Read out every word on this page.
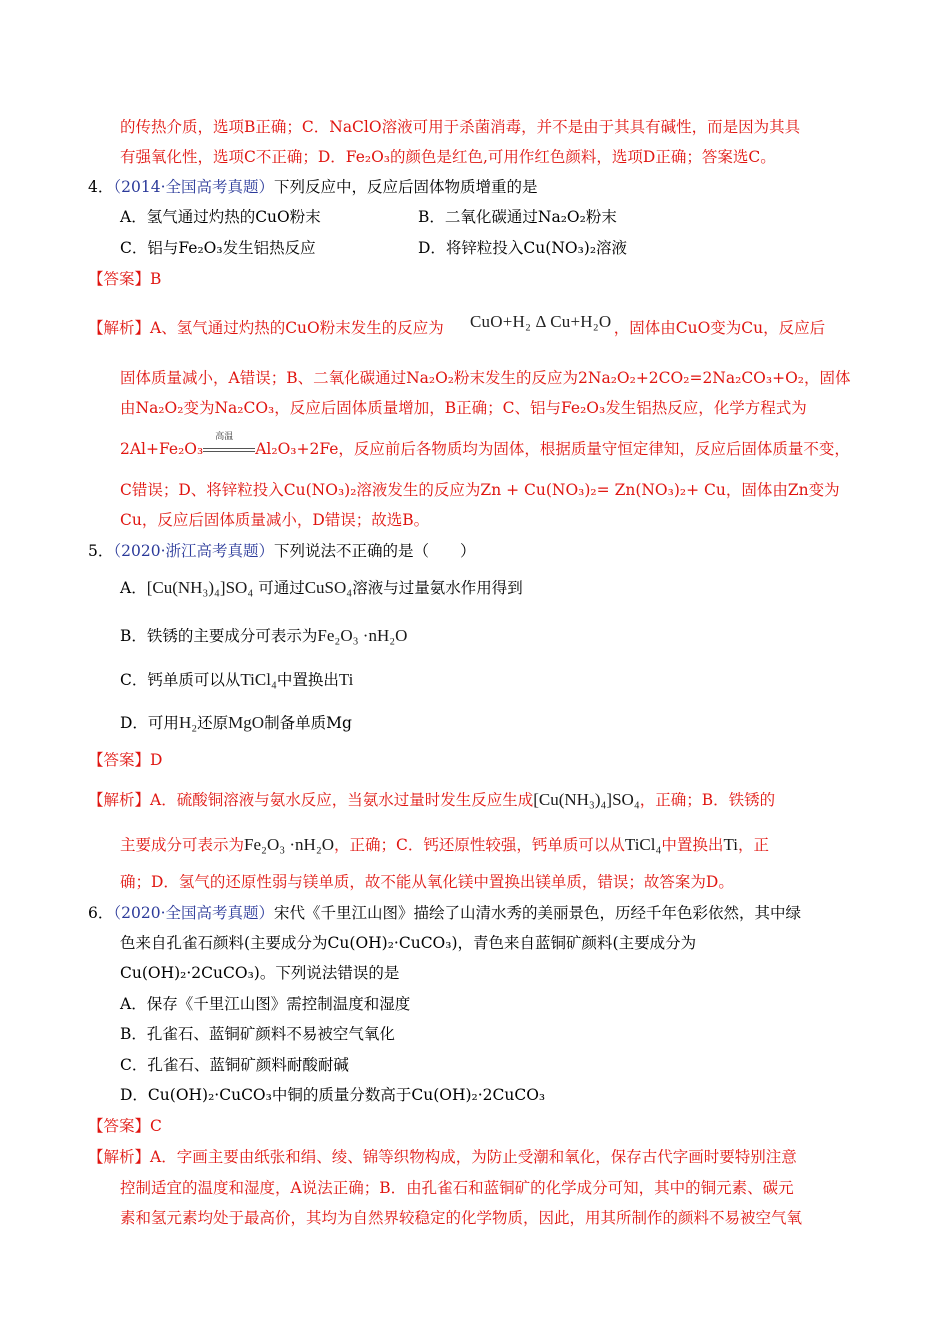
的传热介质，选项B正确；C．NaClO溶液可用于杀菌消毒，并不是由于其具有碱性，而是因为其具
有强氧化性，选项C不正确；D．Fe₂O₃的颜色是红色,可用作红色颜料，选项D正确；答案选C。
4．（2014·全国高考真题）下列反应中，反应后固体物质增重的是
A．氢气通过灼热的CuO粉末	B．二氧化碳通过Na₂O₂粉末
C．铝与Fe₂O₃发生铝热反应	D．将锌粒投入Cu(NO₃)₂溶液
【答案】B
【解析】A、氢气通过灼热的CuO粉末发生的反应为	，固体由CuO变为Cu，反应后
CuO+H₂ Δ Cu+H₂O
固体质量减小，A错误；B、二氧化碳通过Na₂O₂粉末发生的反应为2Na₂O₂+2CO₂=2Na₂CO₃+O₂，固体
由Na₂O₂变为Na₂CO₃，反应后固体质量增加，B正确；C、铝与Fe₂O₃发生铝热反应，化学方程式为
2Al+Fe₂O₃
高温
Al₂O₃+2Fe，反应前后各物质均为固体，根据质量守恒定律知，反应后固体质量不变，
C错误；D、将锌粒投入Cu(NO₃)₂溶液发生的反应为Zn + Cu(NO₃)₂= Zn(NO₃)₂+ Cu，固体由Zn变为
Cu，反应后固体质量减小，D错误；故选B。
5．（2020·浙江高考真题）下列说法不正确的是（　　）
A．[Cu(NH₃)₄]SO₄ 可通过CuSO₄溶液与过量氨水作用得到
B．铁锈的主要成分可表示为Fe₂O₃ ·nH₂O
C．钙单质可以从TiCl₄中置换出Ti
D．可用H₂还原MgO制备单质Mg
【答案】D
【解析】A．硫酸铜溶液与氨水反应，当氨水过量时发生反应生成[Cu(NH₃)₄]SO₄，正确；B．铁锈的
主要成分可表示为Fe₂O₃ ·nH₂O，正确；C．钙还原性较强，钙单质可以从TiCl₄中置换出Ti，正
确；D．氢气的还原性弱与镁单质，故不能从氧化镁中置换出镁单质，错误；故答案为D。
6．（2020·全国高考真题）宋代《千里江山图》描绘了山清水秀的美丽景色，历经千年色彩依然，其中绿
色来自孔雀石颜料(主要成分为Cu(OH)₂·CuCO₃)，青色来自蓝铜矿颜料(主要成分为
Cu(OH)₂·2CuCO₃)。下列说法错误的是
A．保存《千里江山图》需控制温度和湿度
B．孔雀石、蓝铜矿颜料不易被空气氧化
C．孔雀石、蓝铜矿颜料耐酸耐碱
D．Cu(OH)₂·CuCO₃中铜的质量分数高于Cu(OH)₂·2CuCO₃
【答案】C
【解析】A．字画主要由纸张和绢、绫、锦等织物构成，为防止受潮和氧化，保存古代字画时要特别注意
控制适宜的温度和湿度，A说法正确；B．由孔雀石和蓝铜矿的化学成分可知，其中的铜元素、碳元
素和氢元素均处于最高价，其均为自然界较稳定的化学物质，因此，用其所制作的颜料不易被空气氧
